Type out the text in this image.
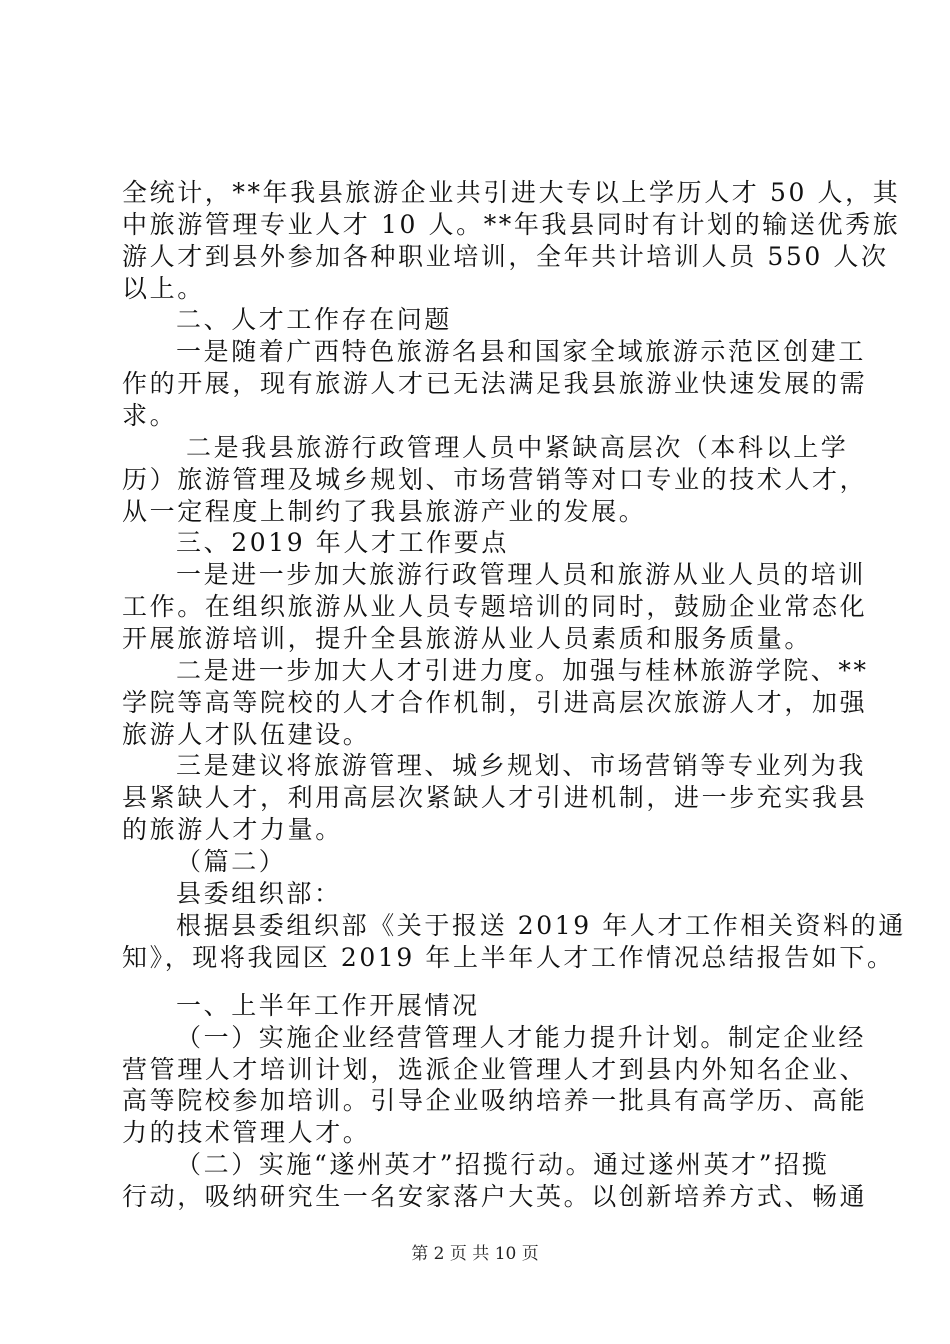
全统计，**年我县旅游企业共引进大专以上学历人才 50 人，其
中旅游管理专业人才 10 人。**年我县同时有计划的输送优秀旅
游人才到县外参加各种职业培训，全年共计培训人员 550 人次
以上。
二、人才工作存在问题
一是随着广西特色旅游名县和国家全域旅游示范区创建工
作的开展，现有旅游人才已无法满足我县旅游业快速发展的需
求。
二是我县旅游行政管理人员中紧缺高层次（本科以上学
历）旅游管理及城乡规划、市场营销等对口专业的技术人才，
从一定程度上制约了我县旅游产业的发展。
三、2019 年人才工作要点
一是进一步加大旅游行政管理人员和旅游从业人员的培训
工作。在组织旅游从业人员专题培训的同时，鼓励企业常态化
开展旅游培训，提升全县旅游从业人员素质和服务质量。
二是进一步加大人才引进力度。加强与桂林旅游学院、**
学院等高等院校的人才合作机制，引进高层次旅游人才，加强
旅游人才队伍建设。
三是建议将旅游管理、城乡规划、市场营销等专业列为我
县紧缺人才，利用高层次紧缺人才引进机制，进一步充实我县
的旅游人才力量。
（篇二）
县委组织部：
根据县委组织部《关于报送 2019 年人才工作相关资料的通
知》，现将我园区 2019 年上半年人才工作情况总结报告如下。
一、上半年工作开展情况
（一）实施企业经营管理人才能力提升计划。制定企业经
营管理人才培训计划，选派企业管理人才到县内外知名企业、
高等院校参加培训。引导企业吸纳培养一批具有高学历、高能
力的技术管理人才。
（二）实施“遂州英才”招揽行动。通过遂州英才”招揽
行动，吸纳研究生一名安家落户大英。以创新培养方式、畅通
第 2 页 共 10 页
